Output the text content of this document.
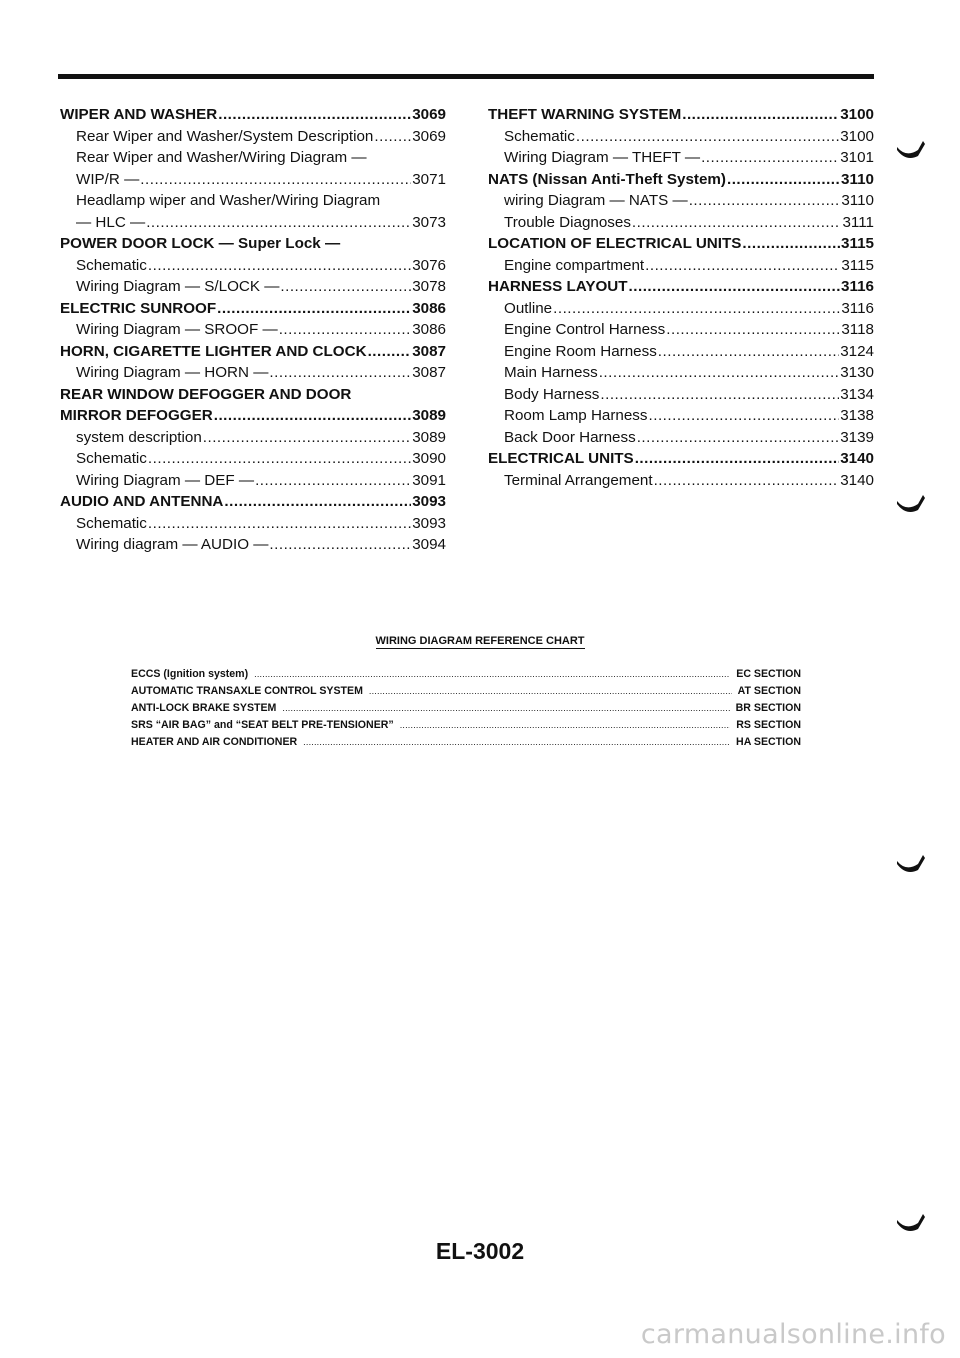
WIPER AND WASHER .....	3069
Rear Wiper and Washer/System Description .....	3069
Rear Wiper and Washer/Wiring Diagram —
WIP/R — .....	3071
Headlamp wiper and Washer/Wiring Diagram
— HLC — .....	3073
POWER DOOR LOCK — Super Lock —
Schematic .....	3076
Wiring Diagram — S/LOCK — .....	3078
ELECTRIC SUNROOF .....	3086
Wiring Diagram — SROOF — .....	3086
HORN, CIGARETTE LIGHTER AND CLOCK .....	3087
Wiring Diagram — HORN — .....	3087
REAR WINDOW DEFOGGER AND DOOR
MIRROR DEFOGGER .....	3089
system description .....	3089
Schematic .....	3090
Wiring Diagram — DEF — .....	3091
AUDIO AND ANTENNA .....	3093
Schematic .....	3093
Wiring diagram — AUDIO — .....	3094
THEFT WARNING SYSTEM .....	3100
Schematic .....	3100
Wiring Diagram — THEFT — .....	3101
NATS (Nissan Anti-Theft System) .....	3110
wiring Diagram — NATS — .....	3110
Trouble Diagnoses .....	3111
LOCATION OF ELECTRICAL UNITS .....	3115
Engine compartment .....	3115
HARNESS LAYOUT .....	3116
Outline .....	3116
Engine Control Harness .....	3118
Engine Room Harness .....	3124
Main Harness .....	3130
Body Harness .....	3134
Room Lamp Harness .....	3138
Back Door Harness .....	3139
ELECTRICAL UNITS .....	3140
Terminal Arrangement .....	3140
WIRING DIAGRAM REFERENCE CHART
ECCS (Ignition system) .....	EC SECTION
AUTOMATIC TRANSAXLE CONTROL SYSTEM .....	AT SECTION
ANTI-LOCK BRAKE SYSTEM .....	BR SECTION
SRS “AIR BAG” and “SEAT BELT PRE-TENSIONER” .....	RS SECTION
HEATER AND AIR CONDITIONER .....	HA SECTION
EL-3002
carmanualsonline.info
